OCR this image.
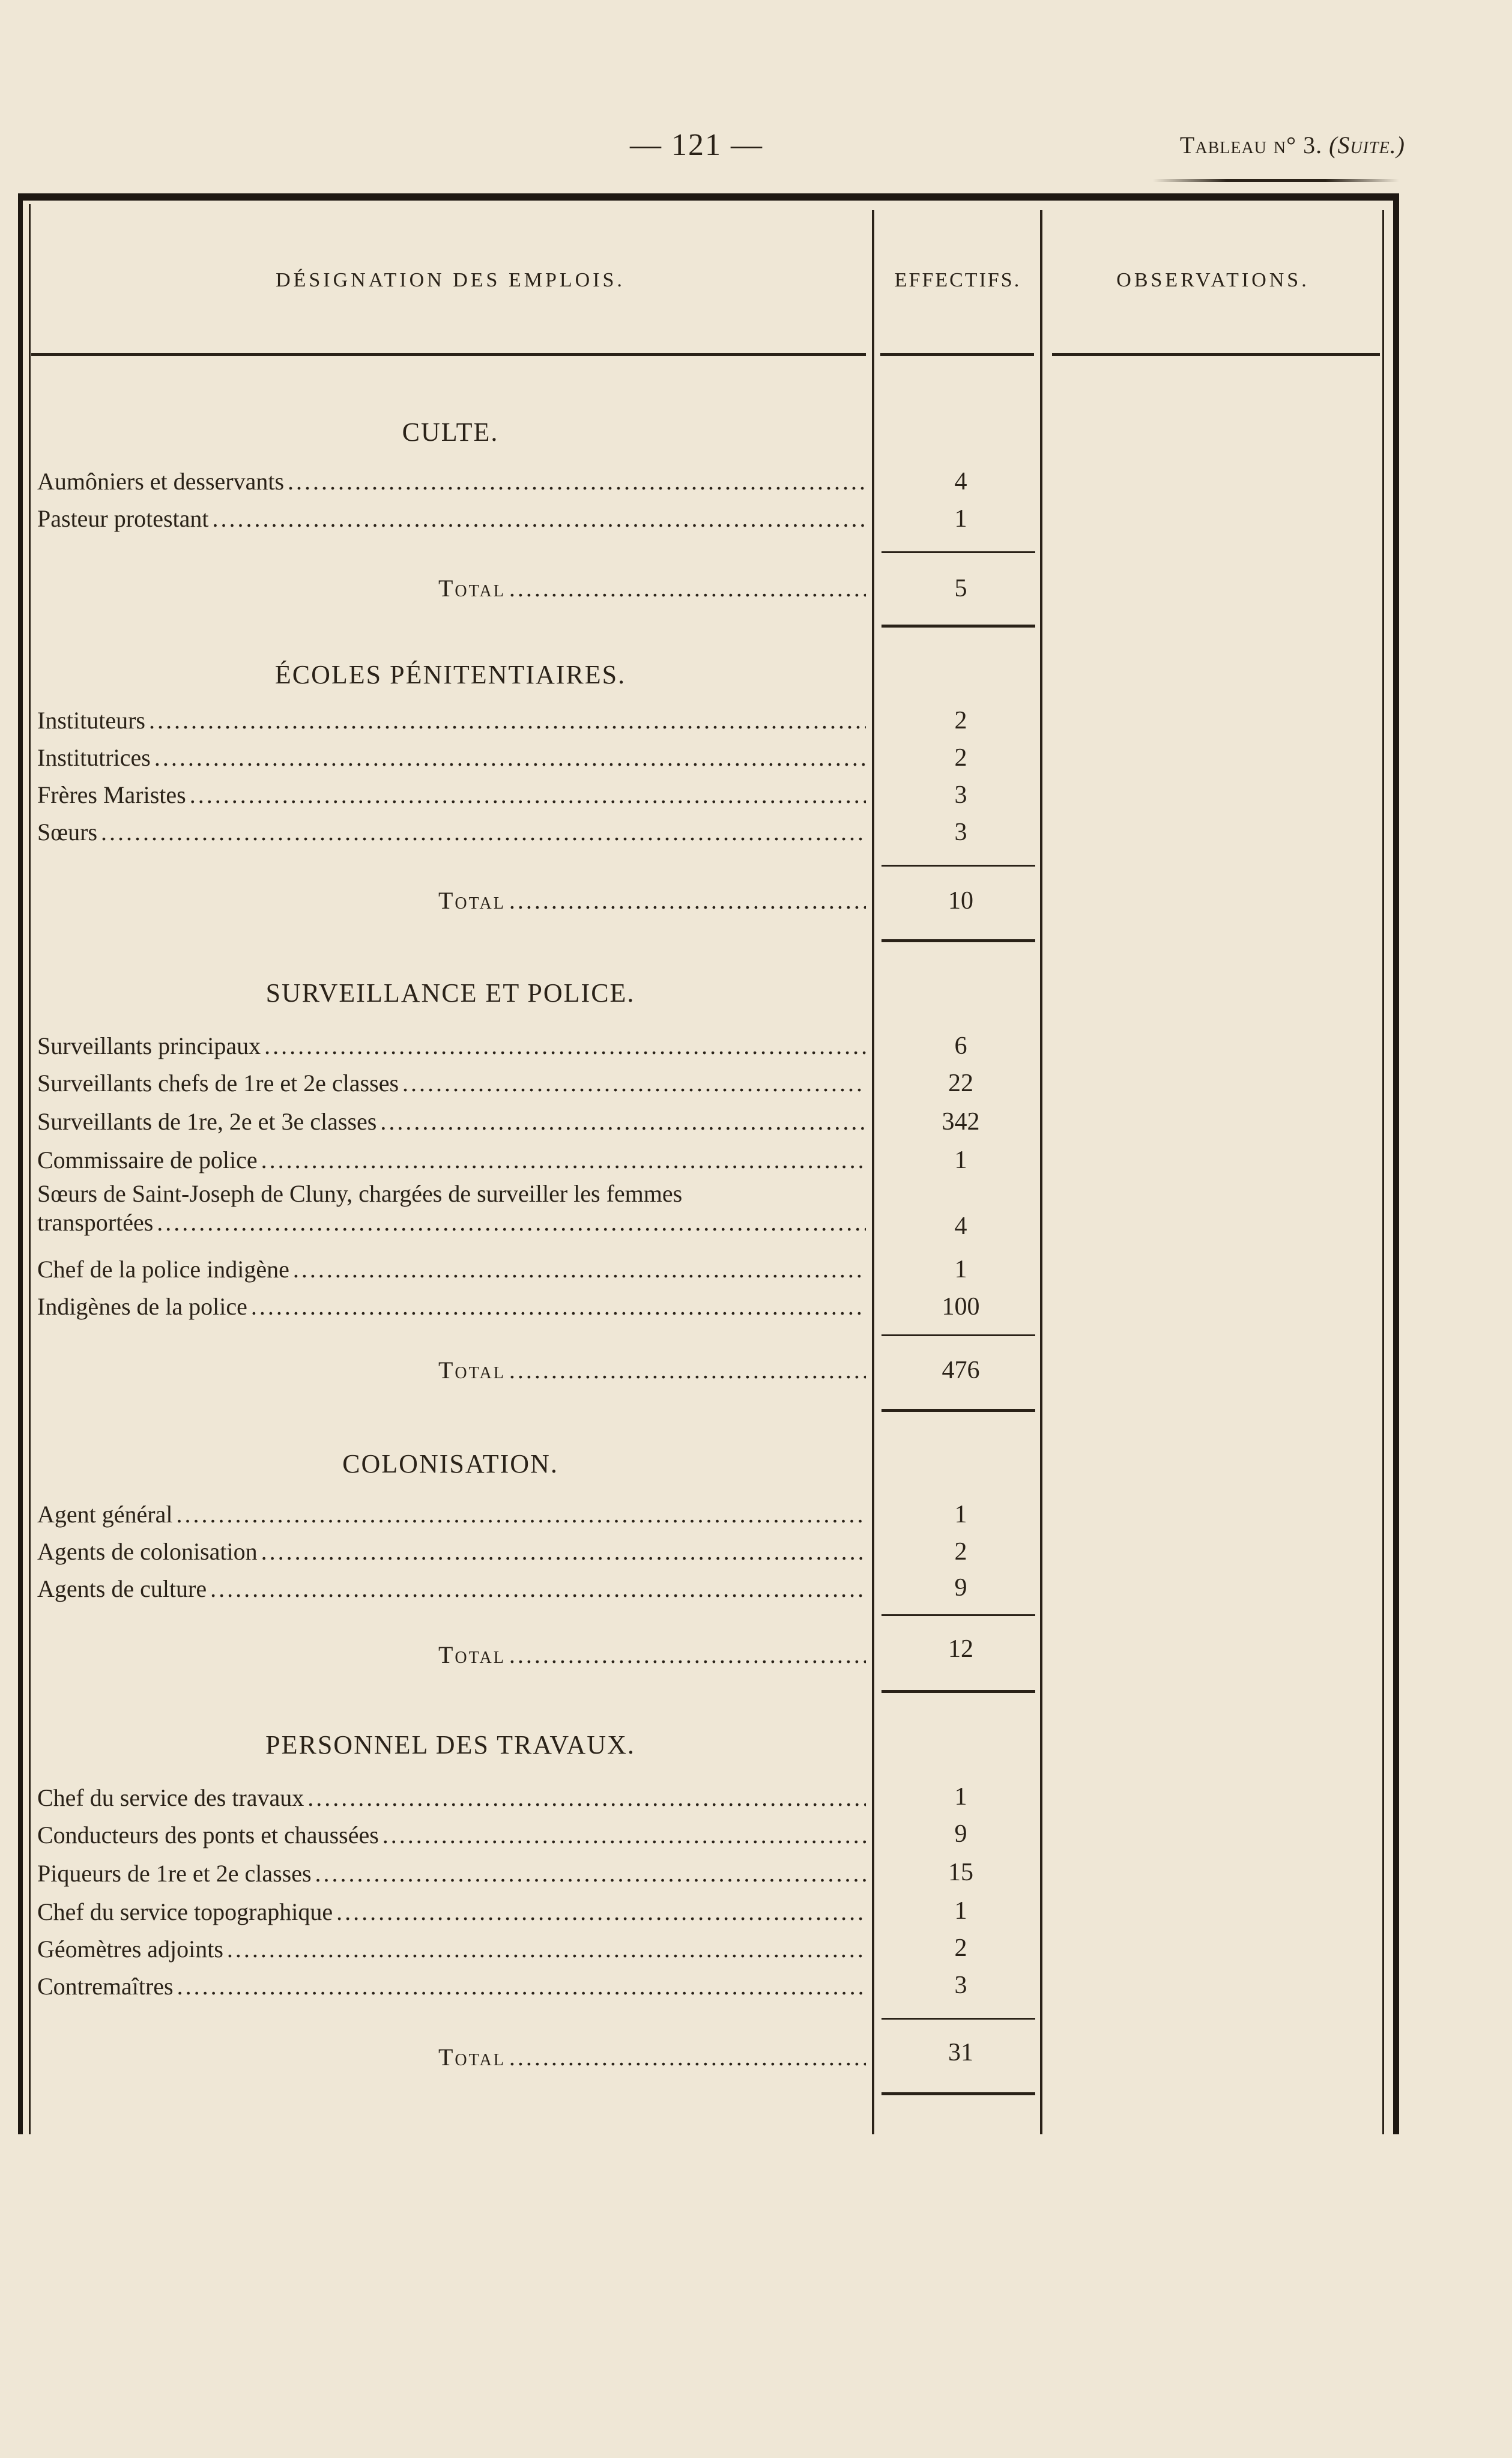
— 121 —	Tableau n° 3. (Suite.)
DÉSIGNATION DES EMPLOIS.	EFFECTIFS.	OBSERVATIONS.
CULTE.
Aumôniers et desservants .....	4
Pasteur protestant .....	1
Total .....	5
ÉCOLES PÉNITENTIAIRES.
Instituteurs .....	2
Institutrices .....	2
Frères Maristes .....	3
Sœurs .....	3
Total .....	10
SURVEILLANCE ET POLICE.
Surveillants principaux .....	6
Surveillants chefs de 1re et 2e classes .....	22
Surveillants de 1re, 2e et 3e classes .....	342
Commissaire de police .....	1
Sœurs de Saint-Joseph de Cluny, chargées de surveiller les femmes
transportées .....	4
Chef de la police indigène .....	1
Indigènes de la police .....	100
Total .....	476
COLONISATION.
Agent général .....	1
Agents de colonisation .....	2
Agents de culture .....	9
Total .....	12
PERSONNEL DES TRAVAUX.
Chef du service des travaux .....	1
Conducteurs des ponts et chaussées .....	9
Piqueurs de 1re et 2e classes .....	15
Chef du service topographique .....	1
Géomètres adjoints .....	2
Contremaîtres .....	3
Total .....	31
